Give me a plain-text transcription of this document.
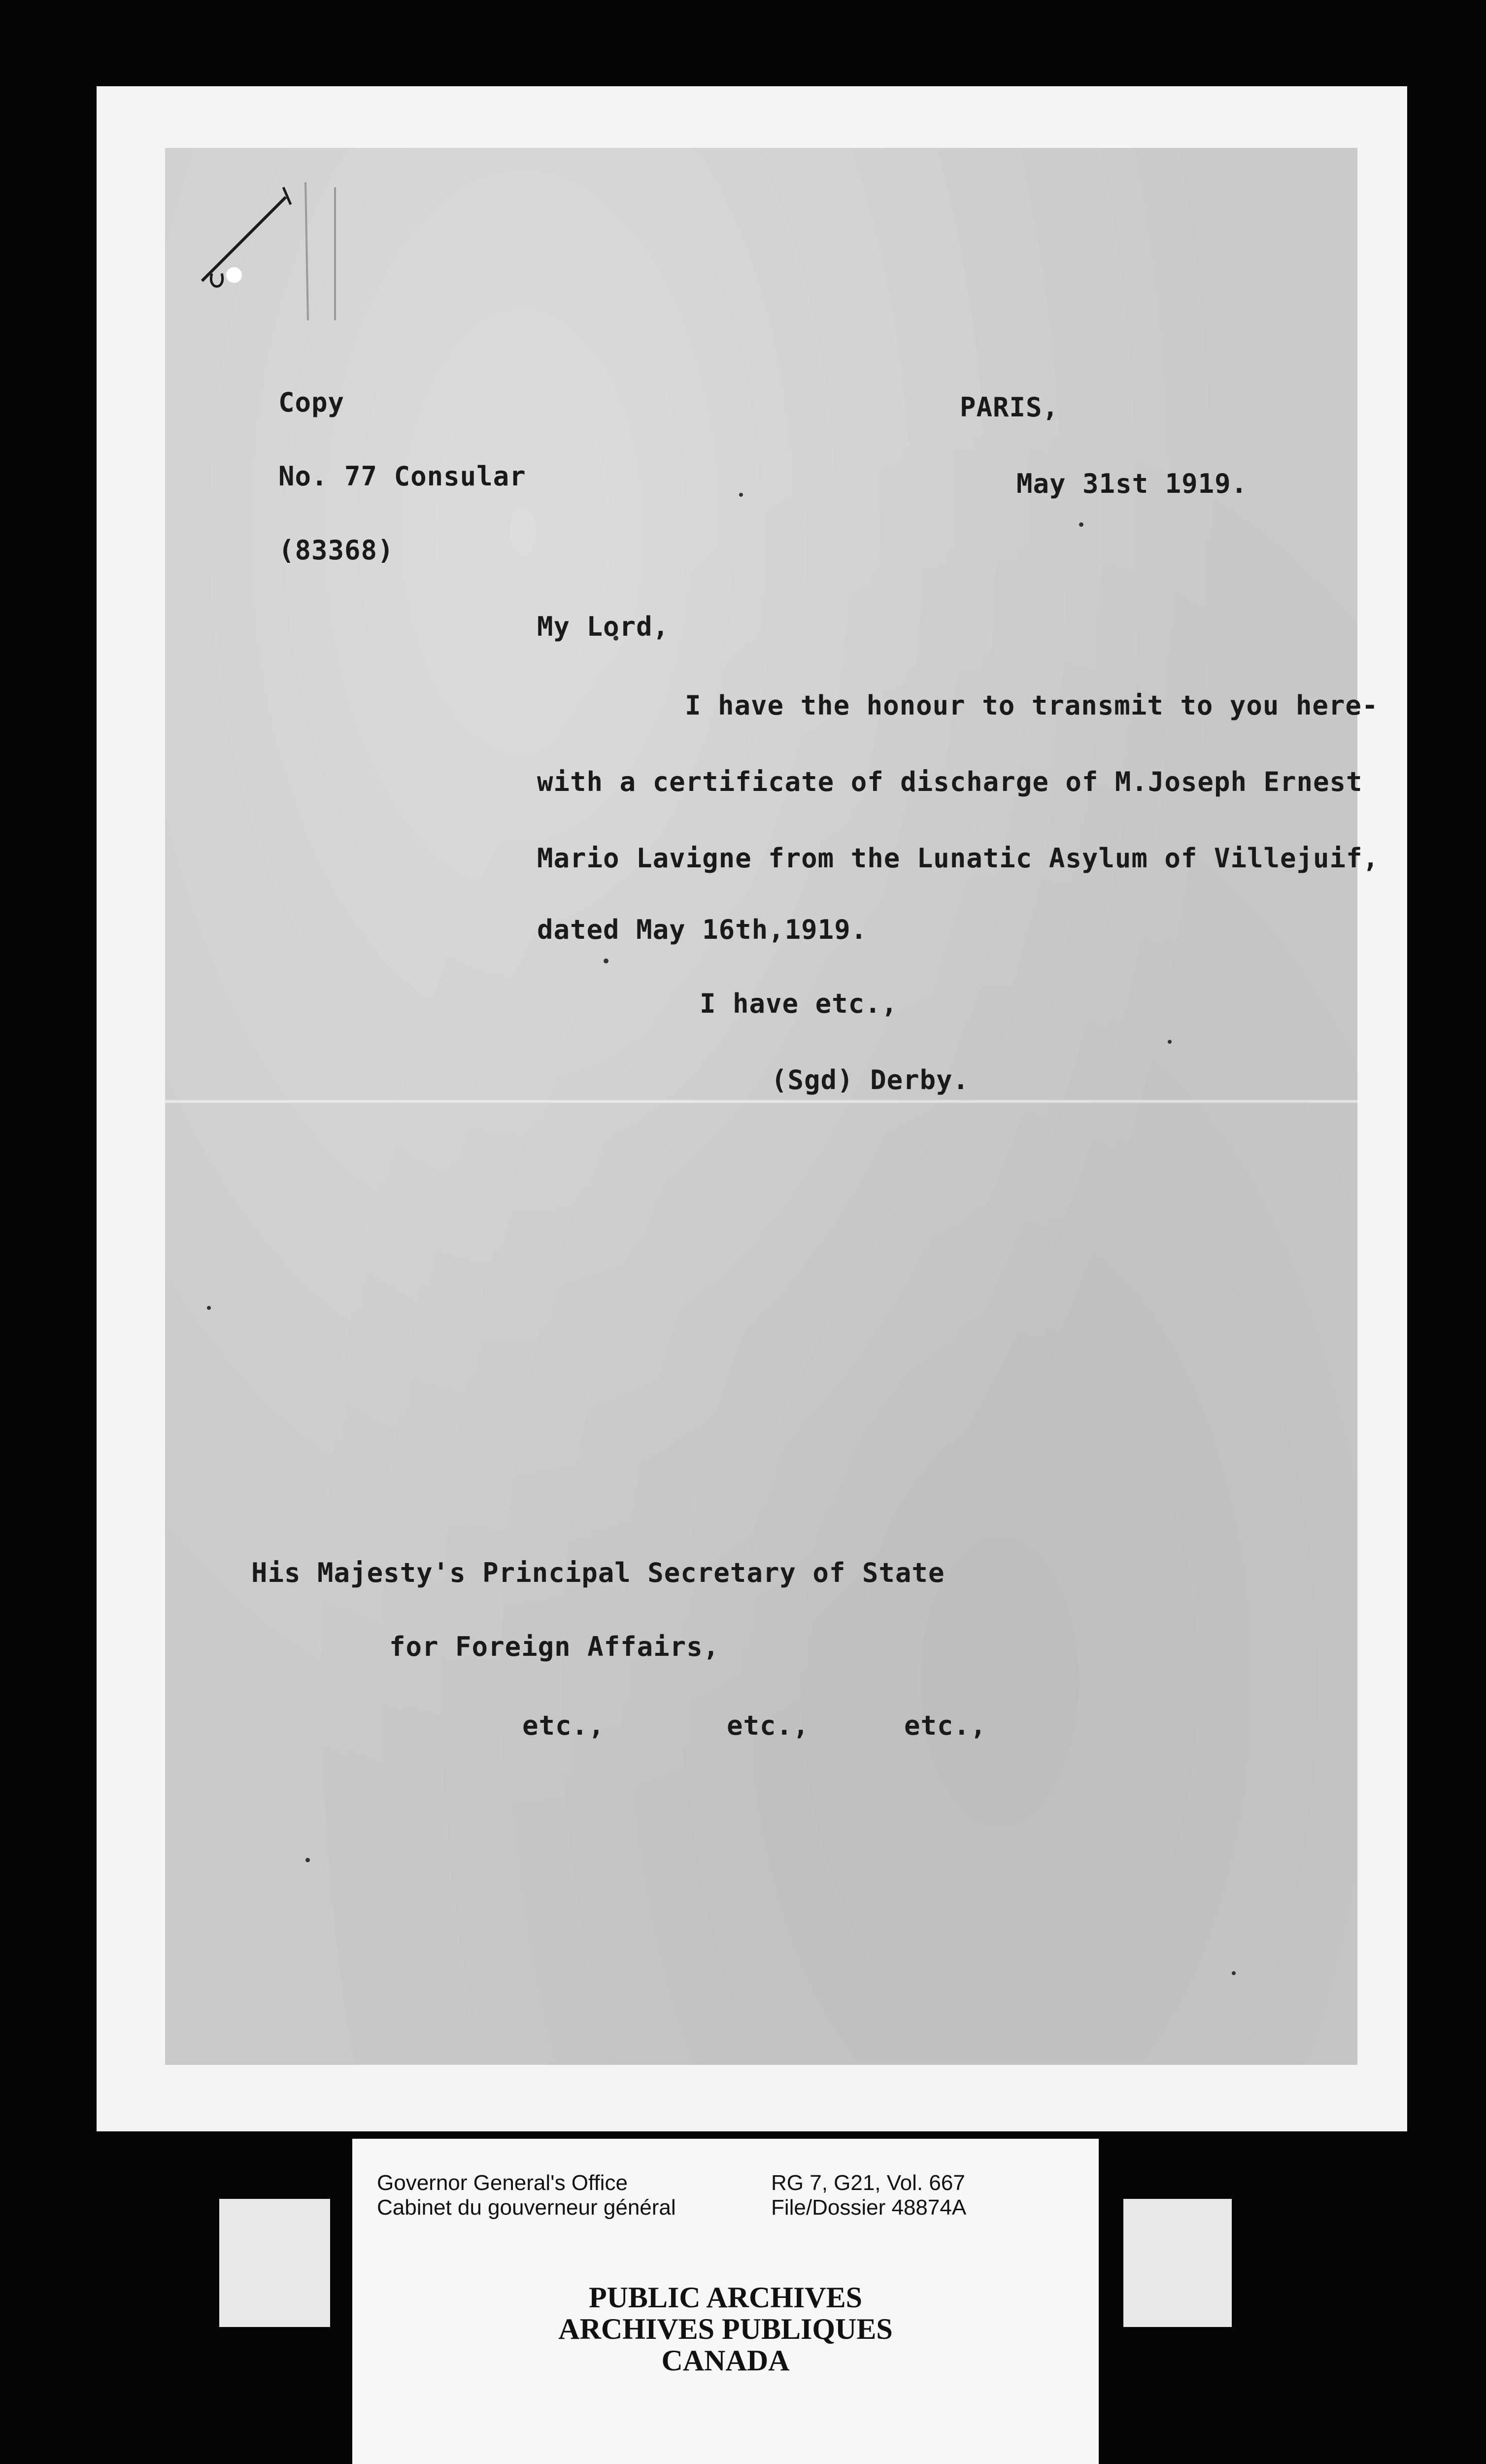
Copy
No. 77 Consular
(83368)
PARIS,
May 31st 1919.
My Lord,
I have the honour to transmit to you here-
with a certificate of discharge of M.Joseph Ernest
Mario Lavigne from the Lunatic Asylum of Villejuif,
dated May 16th,1919.
I have etc.,
(Sgd) Derby.
His Majesty's Principal Secretary of State
for Foreign Affairs,
etc.,	etc.,	etc.,
Governor General's Office
Cabinet du gouverneur général
RG 7, G21, Vol. 667
File/Dossier 48874A
PUBLIC ARCHIVES
ARCHIVES PUBLIQUES
CANADA
